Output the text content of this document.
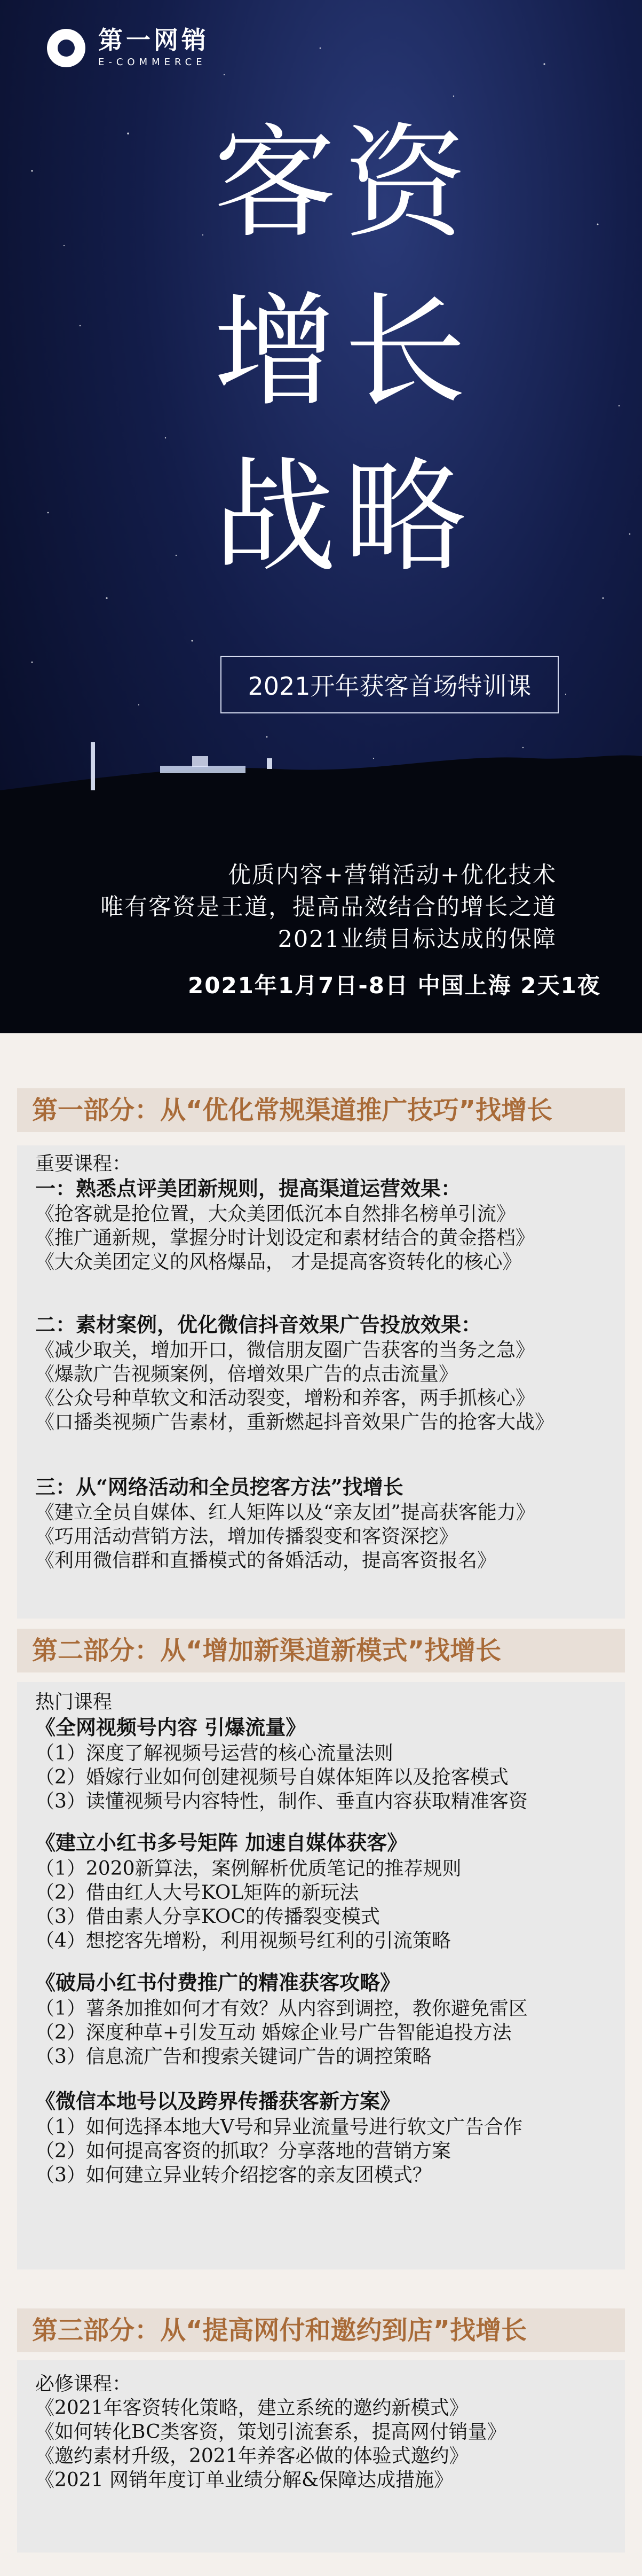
第一网销
E-COMMERCE
客资
增长
战略
2021开年获客首场特训课
优质内容+营销活动+优化技术
唯有客资是王道，提高品效结合的增长之道
2021业绩目标达成的保障
2021年1月7日-8日 中国上海 2天1夜
第一部分：从“优化常规渠道推广技巧”找增长
重要课程：
一：熟悉点评美团新规则，提高渠道运营效果：
《抢客就是抢位置，大众美团低沉本自然排名榜单引流》
《推广通新规，掌握分时计划设定和素材结合的黄金搭档》
《大众美团定义的风格爆品， 才是提高客资转化的核心》
二：素材案例，优化微信抖音效果广告投放效果：
《减少取关，增加开口，微信朋友圈广告获客的当务之急》
《爆款广告视频案例，倍增效果广告的点击流量》
《公众号种草软文和活动裂变，增粉和养客，两手抓核心》
《口播类视频广告素材，重新燃起抖音效果广告的抢客大战》
三：从“网络活动和全员挖客方法”找增长
《建立全员自媒体、红人矩阵以及“亲友团”提高获客能力》
《巧用活动营销方法，增加传播裂变和客资深挖》
《利用微信群和直播模式的备婚活动，提高客资报名》
第二部分：从“增加新渠道新模式”找增长
热门课程
《全网视频号内容 引爆流量》
（1）深度了解视频号运营的核心流量法则
（2）婚嫁行业如何创建视频号自媒体矩阵以及抢客模式
（3）读懂视频号内容特性，制作、垂直内容获取精准客资
《建立小红书多号矩阵 加速自媒体获客》
（1）2020新算法，案例解析优质笔记的推荐规则
（2）借由红人大号KOL矩阵的新玩法
（3）借由素人分享KOC的传播裂变模式
（4）想挖客先增粉，利用视频号红利的引流策略
《破局小红书付费推广的精准获客攻略》
（1）薯条加推如何才有效？从内容到调控，教你避免雷区
（2）深度种草+引发互动 婚嫁企业号广告智能追投方法
（3）信息流广告和搜索关键词广告的调控策略
《微信本地号以及跨界传播获客新方案》
（1）如何选择本地大V号和异业流量号进行软文广告合作
（2）如何提高客资的抓取？分享落地的营销方案
（3）如何建立异业转介绍挖客的亲友团模式？
第三部分：从“提高网付和邀约到店”找增长
必修课程：
《2021年客资转化策略，建立系统的邀约新模式》
《如何转化BC类客资，策划引流套系，提高网付销量》
《邀约素材升级，2021年养客必做的体验式邀约》
《2021 网销年度订单业绩分解&保障达成措施》
